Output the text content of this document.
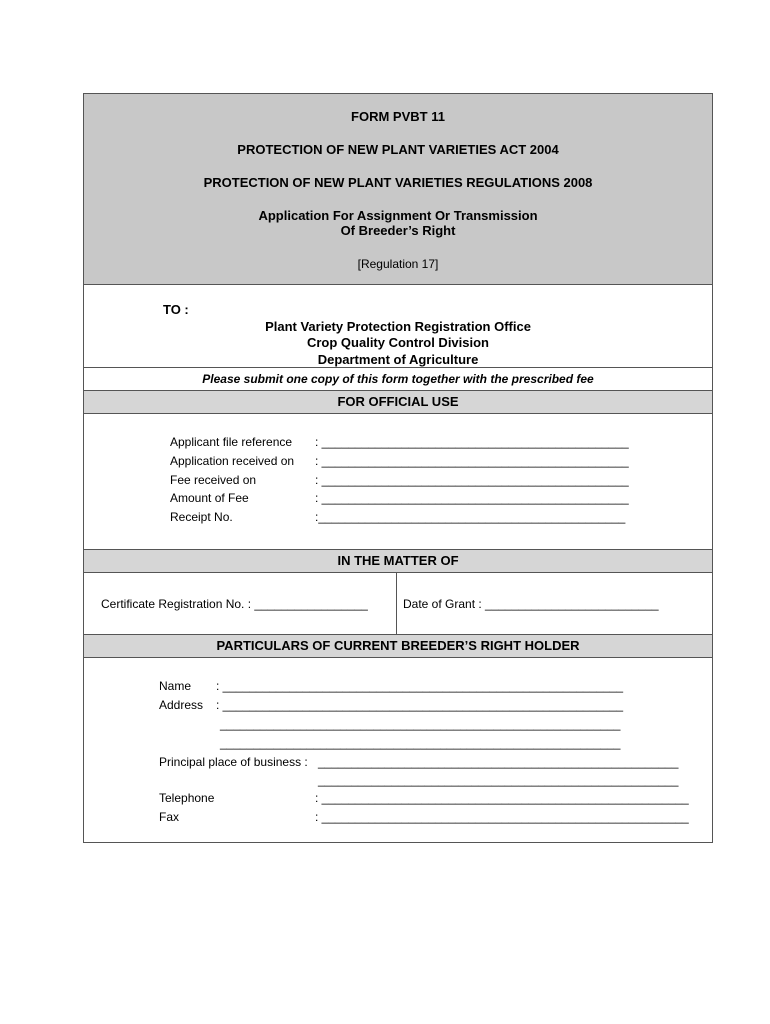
FORM PVBT 11
PROTECTION OF NEW PLANT VARIETIES ACT 2004
PROTECTION OF NEW PLANT VARIETIES REGULATIONS 2008
Application For Assignment Or Transmission
Of Breeder’s Right
[Regulation 17]
TO :
Plant Variety Protection Registration Office
Crop Quality Control Division
Department of Agriculture
Please submit one copy of this form together with the prescribed fee
FOR OFFICIAL USE
Applicant file reference : ______________________________________________
Application received on : ______________________________________________
Fee received on	: ______________________________________________
Amount of Fee	: ______________________________________________
Receipt No.	:______________________________________________
IN THE MATTER OF
Certificate Registration No. : _________________	Date of Grant : __________________________
PARTICULARS OF CURRENT BREEDER’S RIGHT HOLDER
Name : ____________________________________________________________
Address : ____________________________________________________________
____________________________________________________________
____________________________________________________________
Principal place of business : ______________________________________________________
______________________________________________________
Telephone	: _______________________________________________________
Fax	: _______________________________________________________
